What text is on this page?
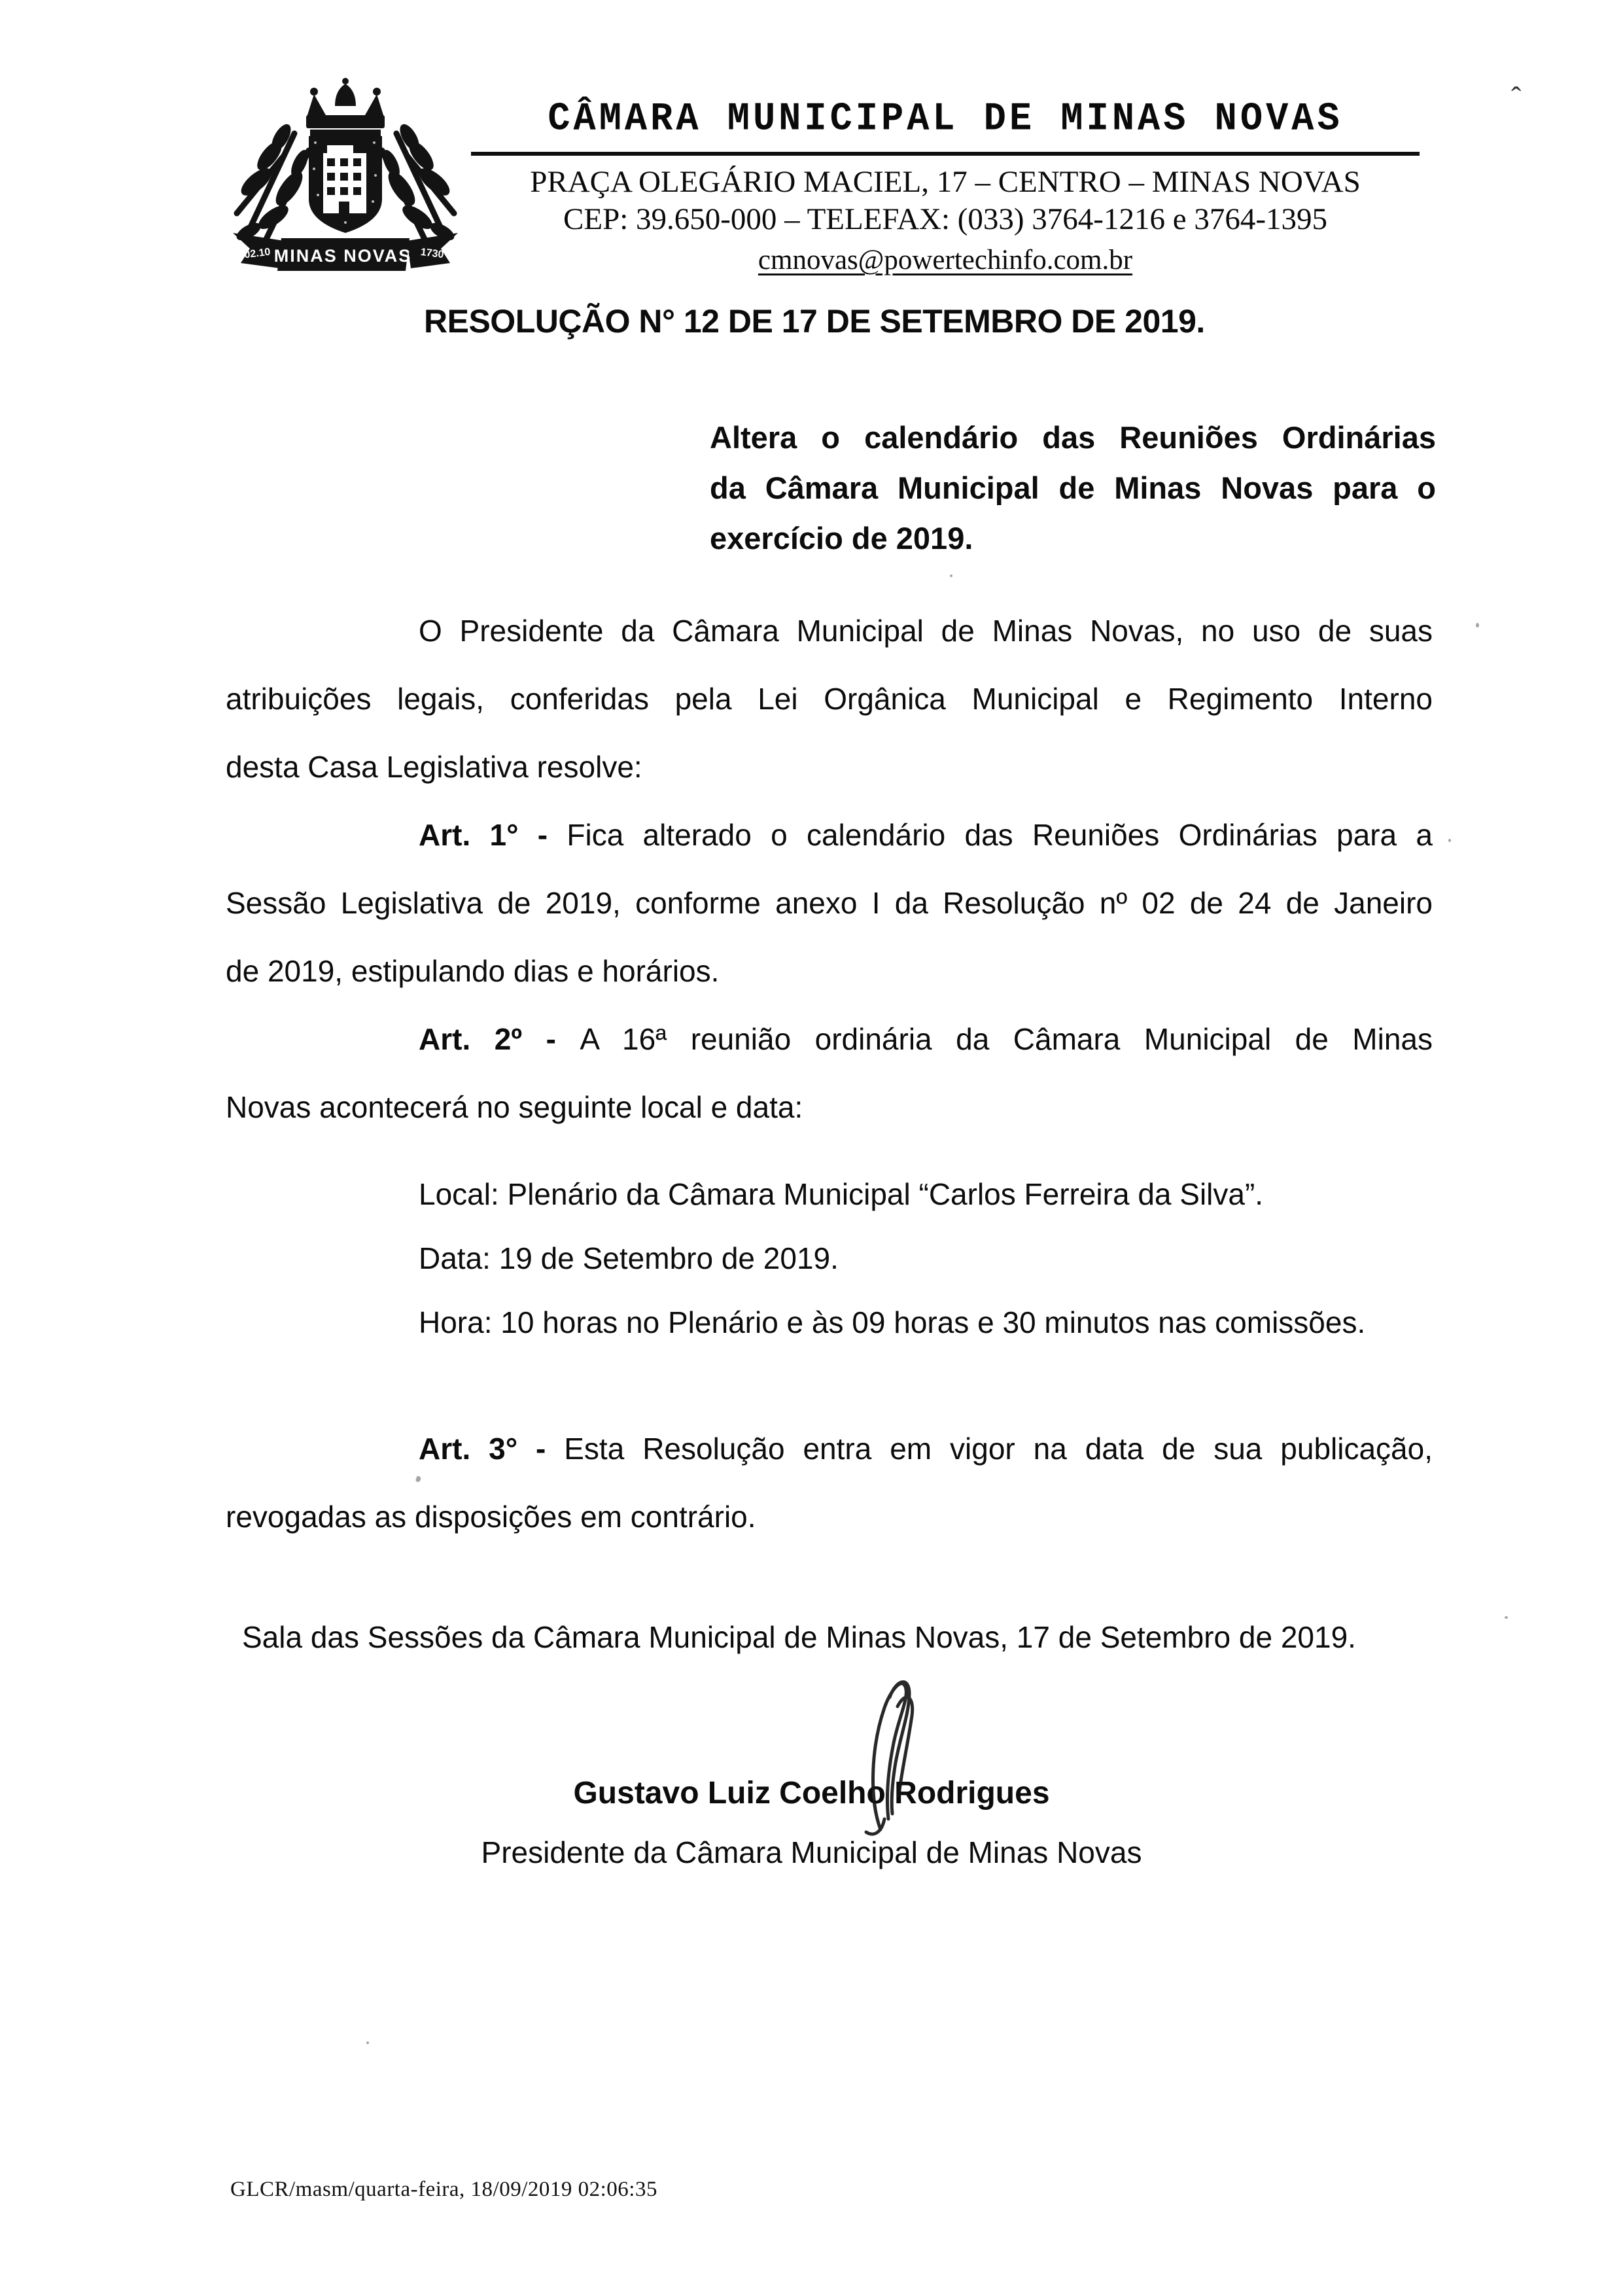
MINAS NOVAS
02.10	1730
CÂMARA MUNICIPAL DE MINAS NOVAS
PRAÇA OLEGÁRIO MACIEL, 17 – CENTRO – MINAS NOVAS
CEP: 39.650-000 – TELEFAX: (033) 3764-1216 e 3764-1395
cmnovas@powertechinfo.com.br
RESOLUÇÃO N° 12 DE 17 DE SETEMBRO DE 2019.
Altera o calendário das Reuniões Ordinárias
da Câmara Municipal de Minas Novas para o
exercício de 2019.
O Presidente da Câmara Municipal de Minas Novas, no uso de suas
atribuições legais, conferidas pela Lei Orgânica Municipal e Regimento Interno
desta Casa Legislativa resolve:
Art. 1° - Fica alterado o calendário das Reuniões Ordinárias para a
Sessão Legislativa de 2019, conforme anexo I da Resolução nº 02 de 24 de Janeiro
de 2019, estipulando dias e horários.
Art. 2º - A 16ª reunião ordinária da Câmara Municipal de Minas
Novas acontecerá no seguinte local e data:
Local: Plenário da Câmara Municipal “Carlos Ferreira da Silva”.
Data: 19 de Setembro de 2019.
Hora: 10 horas no Plenário e às 09 horas e 30 minutos nas comissões.
Art. 3° - Esta Resolução entra em vigor na data de sua publicação,
revogadas as disposições em contrário.
Sala das Sessões da Câmara Municipal de Minas Novas, 17 de Setembro de 2019.
Gustavo Luiz Coelho Rodrigues
Presidente da Câmara Municipal de Minas Novas
GLCR/masm/quarta-feira, 18/09/2019 02:06:35
ˆ
